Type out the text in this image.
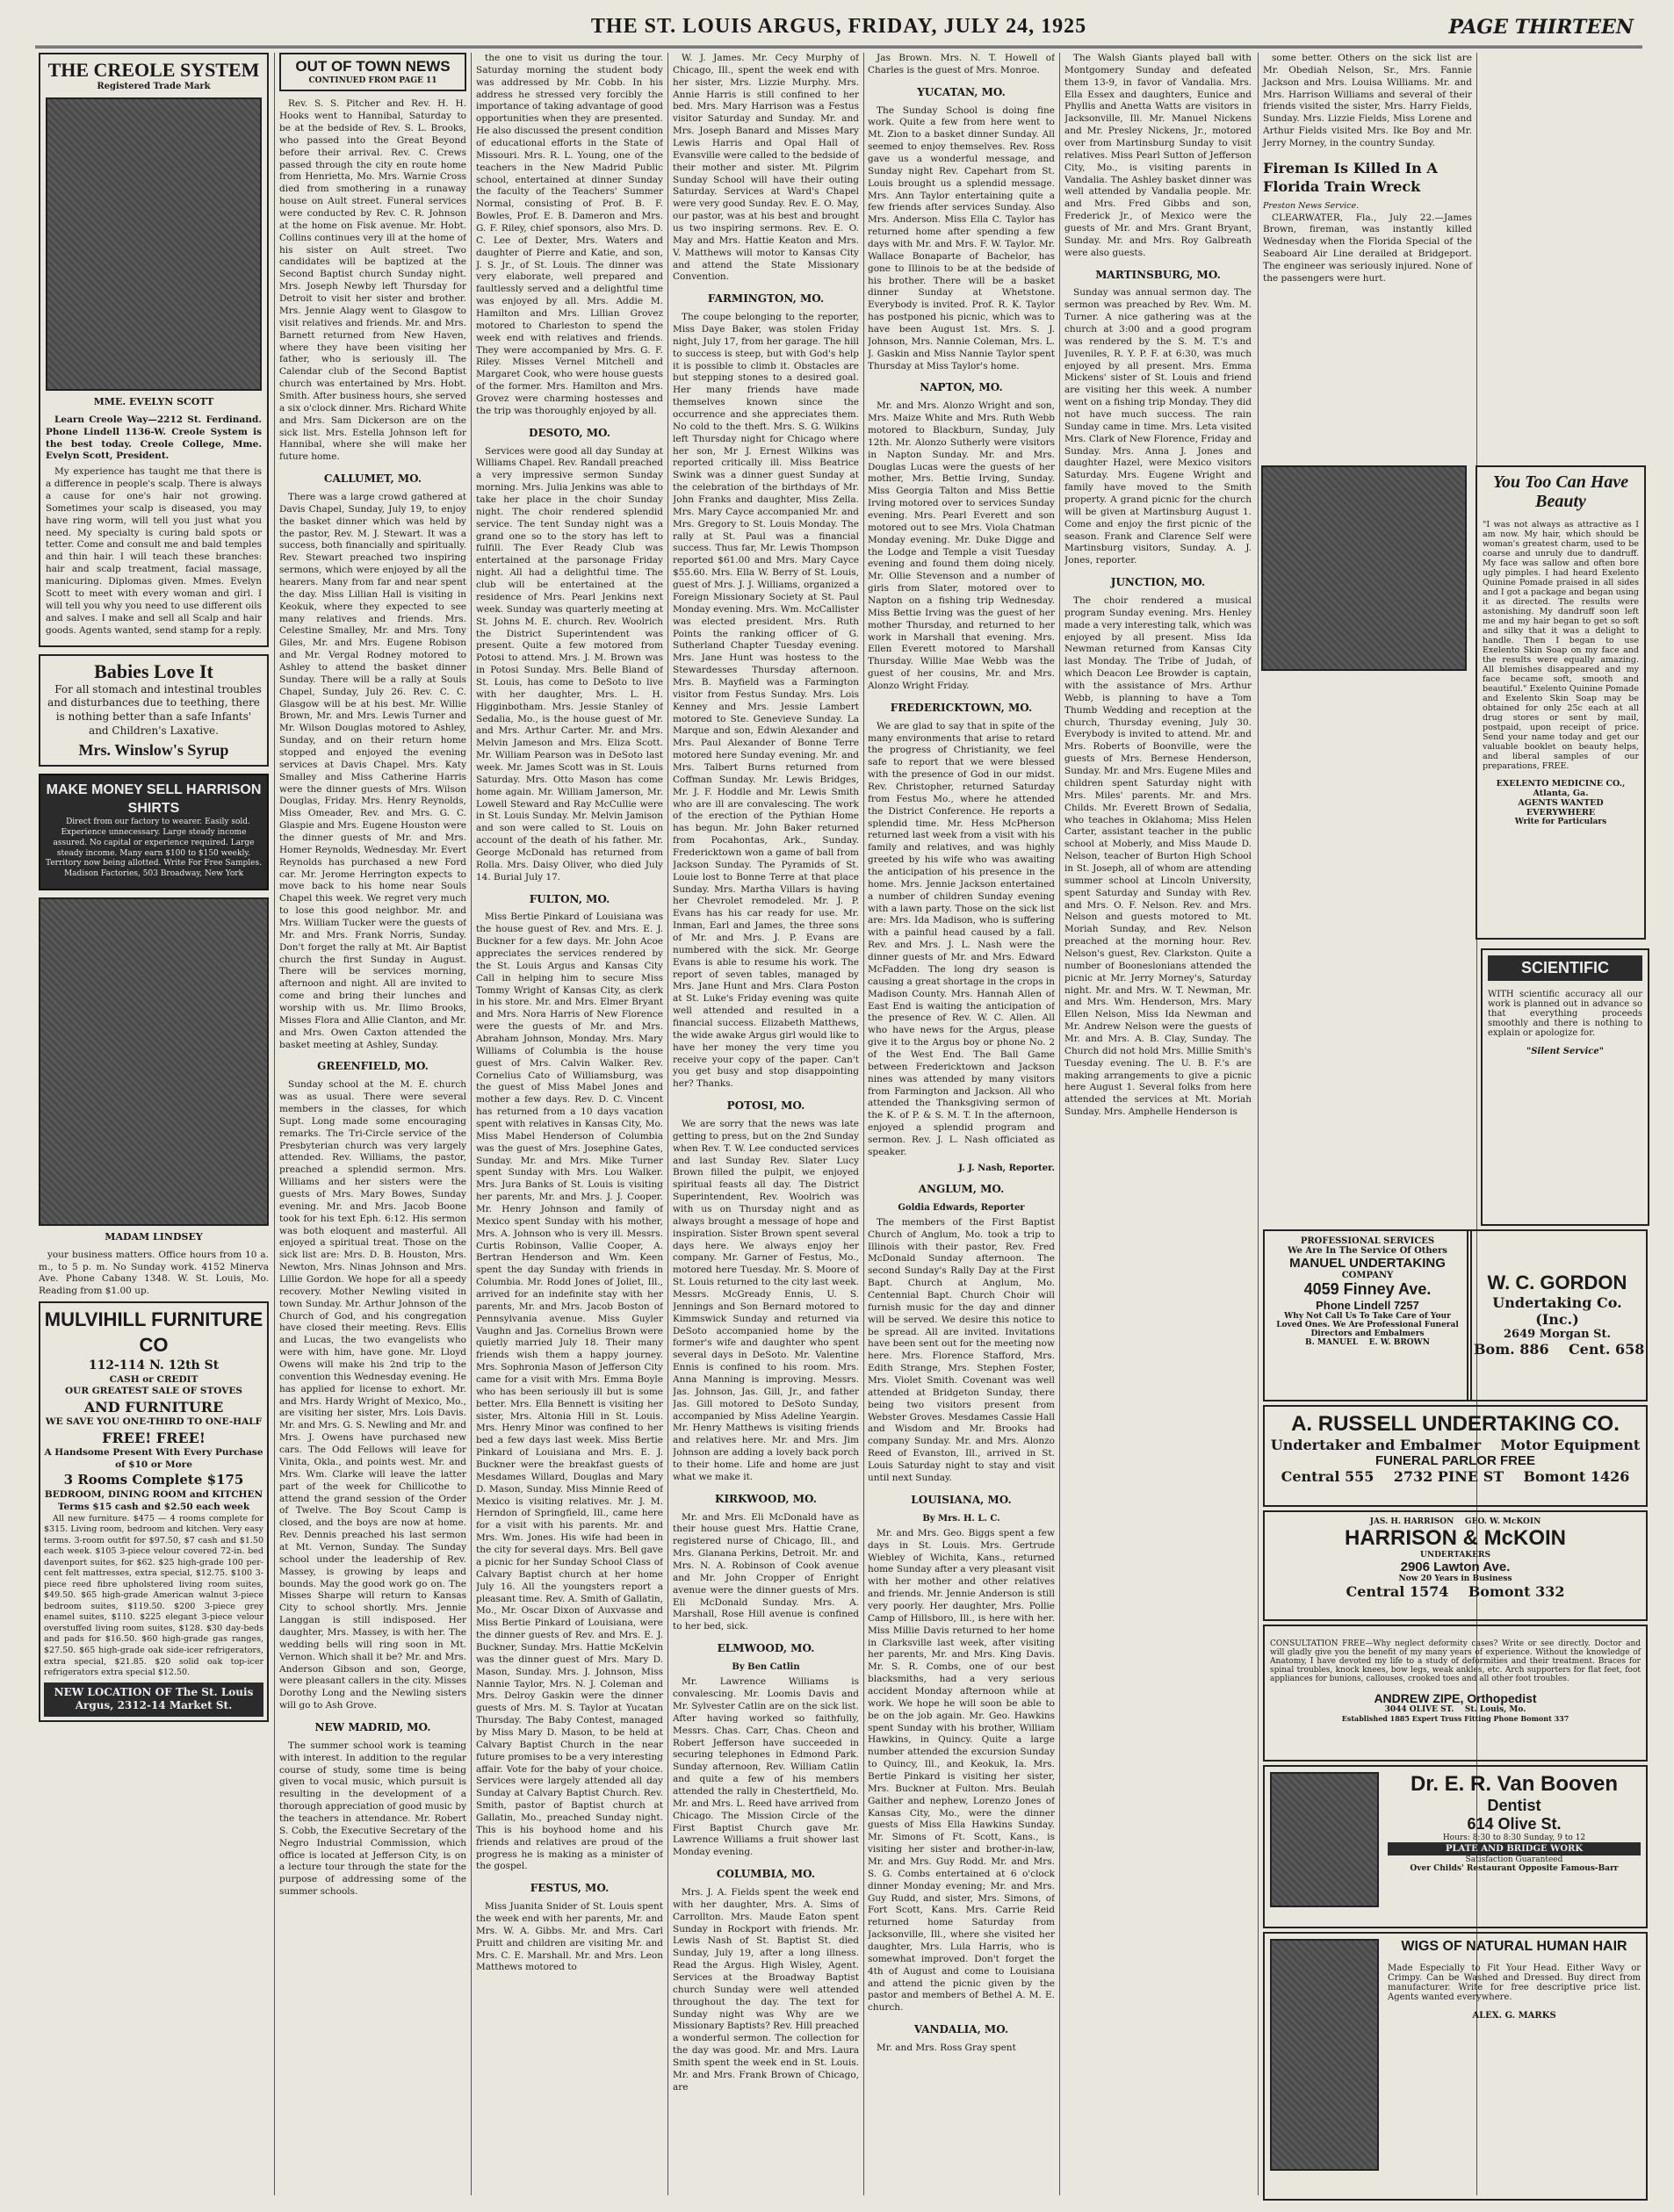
THE ST. LOUIS ARGUS, FRIDAY, JULY 24, 1925	PAGE THIRTEEN
THE CREOLE SYSTEM
Registered Trade Mark
MME. EVELYN SCOTT

Learn Creole Way—2212 St. Ferdinand. Phone Lindell 1136-W. Creole System is the best today. Creole College, Mme. Evelyn Scott, President.

My experience has taught me that there is a difference in people's scalp. There is always a cause for one's hair not growing. Sometimes your scalp is diseased, you may have ring worm, will tell you just what you need. My specialty is curing bald spots or tetter. Come and consult me and bald temples and thin hair. I will teach these branches: hair and scalp treatment, facial massage, manicuring. Diplomas given. Mmes. Evelyn Scott to meet with every woman and girl. I will tell you why you need to use different oils and salves. I make and sell all Scalp and hair goods. Agents wanted, send stamp for a reply.

Babies Love It

For all stomach and intestinal troubles and disturbances due to teething, there is nothing better than a safe Infants' and Children's Laxative.

Mrs. Winslow's Syrup
MAKE MONEY SELL HARRISON SHIRTS

Direct from our factory to wearer. Easily sold. Experience unnecessary. Large steady income assured. No capital or experience required. Large steady income. Many earn $100 to $150 weekly. Territory now being allotted. Write For Free Samples. Madison Factories, 503 Broadway, New York

MADAM LINDSEY

your business matters. Office hours from 10 a. m., to 5 p. m. No Sunday work. 4152 Minerva Ave. Phone Cabany 1348. W. St. Louis, Mo. Reading from $1.00 up.

MULVIHILL FURNITURE CO
112-114 N. 12th St
CASH or CREDIT
OUR GREATEST SALE OF STOVES
AND FURNITURE
WE SAVE YOU ONE-THIRD TO ONE-HALF
FREE! FREE!
A Handsome Present With Every Purchase of $10 or More
3 Rooms Complete $175
BEDROOM, DINING ROOM and KITCHEN
Terms $15 cash and $2.50 each week

All new furniture. $475 — 4 rooms complete for $315. Living room, bedroom and kitchen. Very easy terms. 3-room outfit for $97.50, $7 cash and $1.50 each week. $105 3-piece velour covered 72-in. bed davenport suites, for $62. $25 high-grade 100 per-cent felt mattresses, extra special, $12.75. $100 3-piece reed fibre upholstered living room suites, $49.50. $65 high-grade American walnut 3-piece bedroom suites, $119.50. $200 3-piece grey enamel suites, $110. $225 elegant 3-piece velour overstuffed living room suites, $128. $30 day-beds and pads for $16.50. $60 high-grade gas ranges, $27.50. $65 high-grade oak side-icer refrigerators, extra special, $21.85. $20 solid oak top-icer refrigerators extra special $12.50.

NEW LOCATION OF The St. Louis Argus, 2312-14 Market St.
OUT OF TOWN NEWS
CONTINUED FROM PAGE 11

Rev. S. S. Pitcher and Rev. H. H. Hooks went to Hannibal, Saturday to be at the bedside of Rev. S. L. Brooks, who passed into the Great Beyond before their arrival. Rev. C. Crews passed through the city en route home from Henrietta, Mo. Mrs. Warnie Cross died from smothering in a runaway house on Ault street. Funeral services were conducted by Rev. C. R. Johnson at the home on Fisk avenue. Mr. Hobt. Collins continues very ill at the home of his sister on Ault street. Two candidates will be baptized at the Second Baptist church Sunday night. Mrs. Joseph Newby left Thursday for Detroit to visit her sister and brother. Mrs. Jennie Alagy went to Glasgow to visit relatives and friends. Mr. and Mrs. Barnett returned from New Haven, where they have been visiting her father, who is seriously ill. The Calendar club of the Second Baptist church was entertained by Mrs. Hobt. Smith. After business hours, she served a six o'clock dinner. Mrs. Richard White and Mrs. Sam Dickerson are on the sick list. Mrs. Estella Johnson left for Hannibal, where she will make her future home.

CALLUMET, MO.

There was a large crowd gathered at Davis Chapel, Sunday, July 19, to enjoy the basket dinner which was held by the pastor, Rev. M. J. Stewart. It was a success, both financially and spiritually. Rev. Stewart preached two inspiring sermons, which were enjoyed by all the hearers. Many from far and near spent the day. Miss Lillian Hall is visiting in Keokuk, where they expected to see many relatives and friends. Mrs. Celestine Smalley, Mr. and Mrs. Tony Giles, Mr. and Mrs. Eugene Robison and Mr. Vergal Rodney motored to Ashley to attend the basket dinner Sunday. There will be a rally at Souls Chapel, Sunday, July 26. Rev. C. C. Glasgow will be at his best. Mr. Willie Brown, Mr. and Mrs. Lewis Turner and Mr. Wilson Douglas motored to Ashley, Sunday, and on their return home stopped and enjoyed the evening services at Davis Chapel. Mrs. Katy Smalley and Miss Catherine Harris were the dinner guests of Mrs. Wilson Douglas, Friday. Mrs. Henry Reynolds, Miss Omeader, Rev. and Mrs. G. C. Glaspie and Mrs. Eugene Houston were the dinner guests of Mr. and Mrs. Homer Reynolds, Wednesday. Mr. Evert Reynolds has purchased a new Ford car. Mr. Jerome Herrington expects to move back to his home near Souls Chapel this week. We regret very much to lose this good neighbor. Mr. and Mrs. William Tucker were the guests of Mr. and Mrs. Frank Norris, Sunday. Don't forget the rally at Mt. Air Baptist church the first Sunday in August. There will be services morning, afternoon and night. All are invited to come and bring their lunches and worship with us. Mr. Ilimo Brooks, Misses Flora and Allie Clanton, and Mr. and Mrs. Owen Caxton attended the basket meeting at Ashley, Sunday.

GREENFIELD, MO.

Sunday school at the M. E. church was as usual. There were several members in the classes, for which Supt. Long made some encouraging remarks. The Tri-Circle service of the Presbyterian church was very largely attended. Rev. Williams, the pastor, preached a splendid sermon. Mrs. Williams and her sisters were the guests of Mrs. Mary Bowes, Sunday evening. Mr. and Mrs. Jacob Boone took for his text Eph. 6:12. His sermon was both eloquent and masterful. All enjoyed a spiritual treat. Those on the sick list are: Mrs. D. B. Houston, Mrs. Newton, Mrs. Ninas Johnson and Mrs. Lillie Gordon. We hope for all a speedy recovery. Mother Newling visited in town Sunday. Mr. Arthur Johnson of the Church of God, and his congregation have closed their meeting. Revs. Ellis and Lucas, the two evangelists who were with him, have gone. Mr. Lloyd Owens will make his 2nd trip to the convention this Wednesday evening. He has applied for license to exhort. Mr. and Mrs. Hardy Wright of Mexico, Mo., are visiting her sister, Mrs. Lois Davis. Mr. and Mrs. G. S. Newling and Mr. and Mrs. J. Owens have purchased new cars. The Odd Fellows will leave for Vinita, Okla., and points west. Mr. and Mrs. Wm. Clarke will leave the latter part of the week for Chillicothe to attend the grand session of the Order of Twelve. The Boy Scout Camp is closed, and the boys are now at home. Rev. Dennis preached his last sermon at Mt. Vernon, Sunday. The Sunday school under the leadership of Rev. Massey, is growing by leaps and bounds. May the good work go on. The Misses Sharpe will return to Kansas City to school shortly. Mrs. Jennie Langgan is still indisposed. Her daughter, Mrs. Massey, is with her. The wedding bells will ring soon in Mt. Vernon. Which shall it be? Mr. and Mrs. Anderson Gibson and son, George, were pleasant callers in the city. Misses Dorothy Long and the Newling sisters will go to Ash Grove.

NEW MADRID, MO.

The summer school work is teaming with interest. In addition to the regular course of study, some time is being given to vocal music, which pursuit is resulting in the development of a thorough appreciation of good music by the teachers in attendance. Mr. Robert S. Cobb, the Executive Secretary of the Negro Industrial Commission, which office is located at Jefferson City, is on a lecture tour through the state for the purpose of addressing some of the summer schools.

the one to visit us during the tour. Saturday morning the student body was addressed by Mr. Cobb. In his address he stressed very forcibly the importance of taking advantage of good opportunities when they are presented. He also discussed the present condition of educational efforts in the State of Missouri. Mrs. R. L. Young, one of the teachers in the New Madrid Public school, entertained at dinner Sunday the faculty of the Teachers' Summer Normal, consisting of Prof. B. F. Bowles, Prof. E. B. Dameron and Mrs. G. F. Riley, chief sponsors, also Mrs. D. C. Lee of Dexter, Mrs. Waters and daughter of Pierre and Katie, and son, J. S. Jr., of St. Louis. The dinner was very elaborate, well prepared and faultlessly served and a delightful time was enjoyed by all. Mrs. Addie M. Hamilton and Mrs. Lillian Grovez motored to Charleston to spend the week end with relatives and friends. They were accompanied by Mrs. G. F. Riley. Misses Vernel Mitchell and Margaret Cook, who were house guests of the former. Mrs. Hamilton and Mrs. Grovez were charming hostesses and the trip was thoroughly enjoyed by all.

DESOTO, MO.

Services were good all day Sunday at Williams Chapel. Rev. Randall preached a very impressive sermon Sunday morning. Mrs. Julia Jenkins was able to take her place in the choir Sunday night. The choir rendered splendid service. The tent Sunday night was a grand one so to the story has left to fulfill. The Ever Ready Club was entertained at the parsonage Friday night. All had a delightful time. The club will be entertained at the residence of Mrs. Pearl Jenkins next week. Sunday was quarterly meeting at St. Johns M. E. church. Rev. Woolrich the District Superintendent was present. Quite a few motored from Potosi to attend. Mrs. J. M. Brown was in Potosi Sunday. Mrs. Belle Bland of St. Louis, has come to DeSoto to live with her daughter, Mrs. L. H. Higginbotham. Mrs. Jessie Stanley of Sedalia, Mo., is the house guest of Mr. and Mrs. Arthur Carter. Mr. and Mrs. Melvin Jameson and Mrs. Eliza Scott. Mr. William Pearson was in DeSoto last week. Mr. James Scott was in St. Louis Saturday. Mrs. Otto Mason has come home again. Mr. William Jamerson, Mr. Lowell Steward and Ray McCullie were in St. Louis Sunday. Mr. Melvin Jamison and son were called to St. Louis on account of the death of his father. Mr. George McDonald has returned from Rolla. Mrs. Daisy Oliver, who died July 14. Burial July 17.

FULTON, MO.

Miss Bertie Pinkard of Louisiana was the house guest of Rev. and Mrs. E. J. Buckner for a few days. Mr. John Acoe appreciates the services rendered by the St. Louis Argus and Kansas City Call in helping him to secure Miss Tommy Wright of Kansas City, as clerk in his store. Mr. and Mrs. Elmer Bryant and Mrs. Nora Harris of New Florence were the guests of Mr. and Mrs. Abraham Johnson, Monday. Mrs. Mary Williams of Columbia is the house guest of Mrs. Calvin Walker. Rev. Cornelius Cato of Williamsburg, was the guest of Miss Mabel Jones and mother a few days. Rev. D. C. Vincent has returned from a 10 days vacation spent with relatives in Kansas City, Mo. Miss Mabel Henderson of Columbia was the guest of Mrs. Josephine Gates, Sunday. Mr. and Mrs. Mike Turner spent Sunday with Mrs. Lou Walker. Mrs. Jura Banks of St. Louis is visiting her parents, Mr. and Mrs. J. J. Cooper. Mr. Henry Johnson and family of Mexico spent Sunday with his mother, Mrs. A. Johnson who is very ill. Messrs. Curtis Robinson, Vallie Cooper, A. Bertran Henderson and Wm. Keen spent the day Sunday with friends in Columbia. Mr. Rodd Jones of Joliet, Ill., arrived for an indefinite stay with her parents, Mr. and Mrs. Jacob Boston of Pennsylvania avenue. Miss Guyler Vaughn and Jas. Cornelius Brown were quietly married July 18. Their many friends wish them a happy journey. Mrs. Sophronia Mason of Jefferson City came for a visit with Mrs. Emma Boyle who has been seriously ill but is some better. Mrs. Ella Bennett is visiting her sister, Mrs. Altonia Hill in St. Louis. Mrs. Henry Minor was confined to her bed a few days last week. Miss Bertie Pinkard of Louisiana and Mrs. E. J. Buckner were the breakfast guests of Mesdames Willard, Douglas and Mary D. Mason, Sunday. Miss Minnie Reed of Mexico is visiting relatives. Mr. J. M. Herndon of Springfield, Ill., came here for a visit with his parents. Mr. and Mrs. Wm. Jones. His wife had been in the city for several days. Mrs. Bell gave a picnic for her Sunday School Class of Calvary Baptist church at her home July 16. All the youngsters report a pleasant time. Rev. A. Smith of Gallatin, Mo., Mr. Oscar Dixon of Auxvasse and Miss Bertie Pinkard of Louisiana, were the dinner guests of Rev. and Mrs. E. J. Buckner, Sunday. Mrs. Hattie McKelvin was the dinner guest of Mrs. Mary D. Mason, Sunday. Mrs. J. Johnson, Miss Nannie Taylor, Mrs. N. J. Coleman and Mrs. Delroy Gaskin were the dinner guests of Mrs. M. S. Taylor at Yucatan Thursday. The Baby Contest, managed by Miss Mary D. Mason, to be held at Calvary Baptist Church in the near future promises to be a very interesting affair. Vote for the baby of your choice. Services were largely attended all day Sunday at Calvary Baptist Church. Rev. Smith, pastor of Baptist church at Gallatin, Mo., preached Sunday night. This is his boyhood home and his friends and relatives are proud of the progress he is making as a minister of the gospel.

FESTUS, MO.

Miss Juanita Snider of St. Louis spent the week end with her parents, Mr. and Mrs. W. A. Gibbs. Mr. and Mrs. Carl Pruitt and children are visiting Mr. and Mrs. C. E. Marshall. Mr. and Mrs. Leon Matthews motored to

W. J. James. Mr. Cecy Murphy of Chicago, Ill., spent the week end with her sister, Mrs. Lizzie Murphy. Mrs. Annie Harris is still confined to her bed. Mrs. Mary Harrison was a Festus visitor Saturday and Sunday. Mr. and Mrs. Joseph Banard and Misses Mary Lewis Harris and Opal Hall of Evansville were called to the bedside of their mother and sister. Mt. Pilgrim Sunday School will have their outing Saturday. Services at Ward's Chapel were very good Sunday. Rev. E. O. May, our pastor, was at his best and brought us two inspiring sermons. Rev. E. O. May and Mrs. Hattie Keaton and Mrs. V. Matthews will motor to Kansas City and attend the State Missionary Convention.

FARMINGTON, MO.

The coupe belonging to the reporter, Miss Daye Baker, was stolen Friday night, July 17, from her garage. The hill to success is steep, but with God's help it is possible to climb it. Obstacles are but stepping stones to a desired goal. Her many friends have made themselves known since the occurrence and she appreciates them. No cold to the theft. Mrs. S. G. Wilkins left Thursday night for Chicago where her son, Mr J. Ernest Wilkins was reported critically ill. Miss Beatrice Swink was a dinner guest Sunday at the celebration of the birthdays of Mr. John Franks and daughter, Miss Zella. Mrs. Mary Cayce accompanied Mr. and Mrs. Gregory to St. Louis Monday. The rally at St. Paul was a financial success. Thus far, Mr. Lewis Thompson reported $61.00 and Mrs. Mary Cayce $55.60. Mrs. Ella W. Berry of St. Louis, guest of Mrs. J. J. Williams, organized a Foreign Missionary Society at St. Paul Monday evening. Mrs. Wm. McCallister was elected president. Mrs. Ruth Points the ranking officer of G. Sutherland Chapter Tuesday evening. Mrs. Jane Hunt was hostess to the Stewardesses Thursday afternoon. Mrs. B. Mayfield was a Farmington visitor from Festus Sunday. Mrs. Lois Kenney and Mrs. Jessie Lambert motored to Ste. Genevieve Sunday. La Marque and son, Edwin Alexander and Mrs. Paul Alexander of Bonne Terre motored here Sunday evening. Mr. and Mrs. Talbert Burns returned from Coffman Sunday. Mr. Lewis Bridges, Mr. J. F. Hoddle and Mr. Lewis Smith who are ill are convalescing. The work of the erection of the Pythian Home has begun. Mr. John Baker returned from Pocahontas, Ark., Sunday. Fredericktown won a game of ball from Jackson Sunday. The Pyramids of St. Louie lost to Bonne Terre at that place Sunday. Mrs. Martha Villars is having her Chevrolet remodeled. Mr. J. P. Evans has his car ready for use. Mr. Inman, Earl and James, the three sons of Mr. and Mrs. J. P. Evans are numbered with the sick. Mr. George Evans is able to resume his work. The report of seven tables, managed by Mrs. Jane Hunt and Mrs. Clara Poston at St. Luke's Friday evening was quite well attended and resulted in a financial success. Elizabeth Matthews, the wide awake Argus girl would like to have her money the very time you receive your copy of the paper. Can't you get busy and stop disappointing her? Thanks.

POTOSI, MO.

We are sorry that the news was late getting to press, but on the 2nd Sunday when Rev. T. W. Lee conducted services and last Sunday Rev. Slater Lucy Brown filled the pulpit, we enjoyed spiritual feasts all day. The District Superintendent, Rev. Woolrich was with us on Thursday night and as always brought a message of hope and inspiration. Sister Brown spent several days here. We always enjoy her company. Mr. Garner of Festus, Mo., motored here Tuesday. Mr. S. Moore of St. Louis returned to the city last week. Messrs. McGready Ennis, U. S. Jennings and Son Bernard motored to Kimmswick Sunday and returned via DeSoto accompanied home by the former's wife and daughter who spent several days in DeSoto. Mr. Valentine Ennis is confined to his room. Mrs. Anna Manning is improving. Messrs. Jas. Johnson, Jas. Gill, Jr., and father Jas. Gill motored to DeSoto Sunday, accompanied by Miss Adeline Yeargin. Mr. Henry Matthews is visiting friends and relatives here. Mr. and Mrs. Jim Johnson are adding a lovely back porch to their home. Life and home are just what we make it.

KIRKWOOD, MO.

Mr. and Mrs. Eli McDonald have as their house guest Mrs. Hattie Crane, registered nurse of Chicago, Ill., and Mrs. Glanana Perkins, Detroit. Mr. and Mrs. N. A. Robinson of Cook avenue and Mr. John Cropper of Enright avenue were the dinner guests of Mrs. Eli McDonald Sunday. Mrs. A. Marshall, Rose Hill avenue is confined to her bed, sick.

ELMWOOD, MO.
By Ben Catlin

Mr. Lawrence Williams is convalescing. Mr. Loomis Davis and Mr. Sylvester Catlin are on the sick list. After having worked so faithfully, Messrs. Chas. Carr, Chas. Cheon and Robert Jefferson have succeeded in securing telephones in Edmond Park. Sunday afternoon, Rev. William Catlin and quite a few of his members attended the rally in Chestertfield, Mo. Mr. and Mrs. L. Reed have arrived from Chicago. The Mission Circle of the First Baptist Church gave Mr. Lawrence Williams a fruit shower last Monday evening.

COLUMBIA, MO.

Mrs. J. A. Fields spent the week end with her daughter, Mrs. A. Sims of Carrollton. Mrs. Maude Eaton spent Sunday in Rockport with friends. Mr. Lewis Nash of St. Baptist St. died Sunday, July 19, after a long illness. Read the Argus. High Wisley, Agent. Services at the Broadway Baptist church Sunday were well attended throughout the day. The text for Sunday night was Why are we Missionary Baptists? Rev. Hill preached a wonderful sermon. The collection for the day was good. Mr. and Mrs. Laura Smith spent the week end in St. Louis. Mr. and Mrs. Frank Brown of Chicago, are

Jas Brown. Mrs. N. T. Howell of Charles is the guest of Mrs. Monroe.

YUCATAN, MO.

The Sunday School is doing fine work. Quite a few from here went to Mt. Zion to a basket dinner Sunday. All seemed to enjoy themselves. Rev. Ross gave us a wonderful message, and Sunday night Rev. Capehart from St. Louis brought us a splendid message. Mrs. Ann Taylor entertaining quite a few friends after services Sunday. Also Mrs. Anderson. Miss Ella C. Taylor has returned home after spending a few days with Mr. and Mrs. F. W. Taylor. Mr. Wallace Bonaparte of Bachelor, has gone to Illinois to be at the bedside of his brother. There will be a basket dinner Sunday at Whetstone. Everybody is invited. Prof. R. K. Taylor has postponed his picnic, which was to have been August 1st. Mrs. S. J. Johnson, Mrs. Nannie Coleman, Mrs. L. J. Gaskin and Miss Nannie Taylor spent Thursday at Miss Taylor's home.

NAPTON, MO.

Mr. and Mrs. Alonzo Wright and son, Mrs. Maize White and Mrs. Ruth Webb motored to Blackburn, Sunday, July 12th. Mr. Alonzo Sutherly were visitors in Napton Sunday. Mr. and Mrs. Douglas Lucas were the guests of her mother, Mrs. Bettie Irving, Sunday. Miss Georgia Talton and Miss Bettie Irving motored over to services Sunday evening. Mrs. Pearl Everett and son motored out to see Mrs. Viola Chatman Monday evening. Mr. Duke Digge and the Lodge and Temple a visit Tuesday evening and found them doing nicely. Mr. Ollie Stevenson and a number of girls from Slater, motored over to Napton on a fishing trip Wednesday. Miss Bettie Irving was the guest of her mother Thursday, and returned to her work in Marshall that evening. Mrs. Ellen Everett motored to Marshall Thursday. Willie Mae Webb was the guest of her cousins, Mr. and Mrs. Alonzo Wright Friday.

FREDERICKTOWN, MO.

We are glad to say that in spite of the many environments that arise to retard the progress of Christianity, we feel safe to report that we were blessed with the presence of God in our midst. Rev. Christopher, returned Saturday from Festus Mo., where he attended the District Conference. He reports a splendid time. Mr. Hess McPherson returned last week from a visit with his family and relatives, and was highly greeted by his wife who was awaiting the anticipation of his presence in the home. Mrs. Jennie Jackson entertained a number of children Sunday evening with a lawn party. Those on the sick list are: Mrs. Ida Madison, who is suffering with a painful head caused by a fall. Rev. and Mrs. J. L. Nash were the dinner guests of Mr. and Mrs. Edward McFadden. The long dry season is causing a great shortage in the crops in Madison County. Mrs. Hannah Allen of East End is waiting the anticipation of the presence of Rev. W. C. Allen. All who have news for the Argus, please give it to the Argus boy or phone No. 2 of the West End. The Ball Game between Fredericktown and Jackson nines was attended by many visitors from Farmington and Jackson. All who attended the Thanksgiving sermon of the K. of P. & S. M. T. In the afternoon, enjoyed a splendid program and sermon. Rev. J. L. Nash officiated as speaker.

J. J. Nash, Reporter.
ANGLUM, MO.
Goldia Edwards, Reporter

The members of the First Baptist Church of Anglum, Mo. took a trip to Illinois with their pastor, Rev. Fred McDonald Sunday afternoon. The second Sunday's Rally Day at the First Bapt. Church at Anglum, Mo. Centennial Bapt. Church Choir will furnish music for the day and dinner will be served. We desire this notice to be spread. All are invited. Invitations have been sent out for the meeting now here. Mrs. Florence Stafford, Mrs. Edith Strange, Mrs. Stephen Foster, Mrs. Violet Smith. Covenant was well attended at Bridgeton Sunday, there being two visitors present from Webster Groves. Mesdames Cassie Hall and Wisdom and Mr. Brooks had company Sunday. Mr. and Mrs. Alonzo Reed of Evanston, Ill., arrived in St. Louis Saturday night to stay and visit until next Sunday.

LOUISIANA, MO.
By Mrs. H. L. C.

Mr. and Mrs. Geo. Biggs spent a few days in St. Louis. Mrs. Gertrude Wiebley of Wichita, Kans., returned home Sunday after a very pleasant visit with her mother and other relatives and friends. Mr. Jennie Anderson is still very poorly. Her daughter, Mrs. Pollie Camp of Hillsboro, Ill., is here with her. Miss Millie Davis returned to her home in Clarksville last week, after visiting her parents, Mr. and Mrs. King Davis. Mr. S. R. Combs, one of our best blacksmiths, had a very serious accident Monday afternoon while at work. We hope he will soon be able to be on the job again. Mr. Geo. Hawkins spent Sunday with his brother, William Hawkins, in Quincy. Quite a large number attended the excursion Sunday to Quincy, Ill., and Keokuk, Ia. Mrs. Bertie Pinkard is visiting her sister, Mrs. Buckner at Fulton. Mrs. Beulah Gaither and nephew, Lorenzo Jones of Kansas City, Mo., were the dinner guests of Miss Ella Hawkins Sunday. Mr. Simons of Ft. Scott, Kans., is visiting her sister and brother-in-law, Mr. and Mrs. Guy Rodd. Mr. and Mrs. S. G. Combs entertained at 6 o'clock dinner Monday evening; Mr. and Mrs. Guy Rudd, and sister, Mrs. Simons, of Fort Scott, Kans. Mrs. Carrie Reid returned home Saturday from Jacksonville, Ill., where she visited her daughter, Mrs. Lula Harris, who is somewhat improved. Don't forget the 4th of August and come to Louisiana and attend the picnic given by the pastor and members of Bethel A. M. E. church.

VANDALIA, MO.

Mr. and Mrs. Ross Gray spent

The Walsh Giants played ball with Montgomery Sunday and defeated them 13-9, in favor of Vandalia. Mrs. Ella Essex and daughters, Eunice and Phyllis and Anetta Watts are visitors in Jacksonville, Ill. Mr. Manuel Nickens and Mr. Presley Nickens, Jr., motored over from Martinsburg Sunday to visit relatives. Miss Pearl Sutton of Jefferson City, Mo., is visiting parents in Vandalia. The Ashley basket dinner was well attended by Vandalia people. Mr. and Mrs. Fred Gibbs and son, Frederick Jr., of Mexico were the guests of Mr. and Mrs. Grant Bryant, Sunday. Mr. and Mrs. Roy Galbreath were also guests.

MARTINSBURG, MO.

Sunday was annual sermon day. The sermon was preached by Rev. Wm. M. Turner. A nice gathering was at the church at 3:00 and a good program was rendered by the S. M. T.'s and Juveniles, R. Y. P. F. at 6:30, was much enjoyed by all present. Mrs. Emma Mickens' sister of St. Louis and friend are visiting her this week. A number went on a fishing trip Monday. They did not have much success. The rain Sunday came in time. Mrs. Leta visited Mrs. Clark of New Florence, Friday and Sunday. Mrs. Anna J. Jones and daughter Hazel, were Mexico visitors Saturday. Mrs. Eugene Wright and family have moved to the Smith property. A grand picnic for the church will be given at Martinsburg August 1. Come and enjoy the first picnic of the season. Frank and Clarence Self were Martinsburg visitors, Sunday. A. J. Jones, reporter.

JUNCTION, MO.

The choir rendered a musical program Sunday evening. Mrs. Henley made a very interesting talk, which was enjoyed by all present. Miss Ida Newman returned from Kansas City last Monday. The Tribe of Judah, of which Deacon Lee Browder is captain, with the assistance of Mrs. Arthur Webb, is planning to have a Tom Thumb Wedding and reception at the church, Thursday evening, July 30. Everybody is invited to attend. Mr. and Mrs. Roberts of Boonville, were the guests of Mrs. Bernese Henderson, Sunday. Mr. and Mrs. Eugene Miles and children spent Saturday night with Mrs. Miles' parents. Mr. and Mrs. Childs. Mr. Everett Brown of Sedalia, who teaches in Oklahoma; Miss Helen Carter, assistant teacher in the public school at Moberly, and Miss Maude D. Nelson, teacher of Burton High School in St. Joseph, all of whom are attending summer school at Lincoln University, spent Saturday and Sunday with Rev. and Mrs. O. F. Nelson. Rev. and Mrs. Nelson and guests motored to Mt. Moriah Sunday, and Rev. Nelson preached at the morning hour. Rev. Nelson's guest, Rev. Clarkston. Quite a number of Booneslonians attended the picnic at Mr. Jerry Morney's, Saturday night. Mr. and Mrs. W. T. Newman, Mr. and Mrs. Wm. Henderson, Mrs. Mary Ellen Nelson, Miss Ida Newman and Mr. Andrew Nelson were the guests of Mr. and Mrs. A. B. Clay, Sunday. The Church did not hold Mrs. Millie Smith's Tuesday evening. The U. B. F.'s are making arrangements to give a picnic here August 1. Several folks from here attended the services at Mt. Moriah Sunday. Mrs. Amphelle Henderson is

some better. Others on the sick list are Mr. Obediah Nelson, Sr., Mrs. Fannie Jackson and Mrs. Louisa Williams. Mr. and Mrs. Harrison Williams and several of their friends visited the sister, Mrs. Harry Fields, Sunday. Mrs. Lizzie Fields, Miss Lorene and Arthur Fields visited Mrs. Ike Boy and Mr. Jerry Morney, in the country Sunday.

Fireman Is Killed In A Florida Train Wreck
Preston News Service.

CLEARWATER, Fla., July 22.—James Brown, fireman, was instantly killed Wednesday when the Florida Special of the Seaboard Air Line derailed at Bridgeport. The engineer was seriously injured. None of the passengers were hurt.

You Too Can Have Beauty

"I was not always as attractive as I am now. My hair, which should be woman's greatest charm, used to be coarse and unruly due to dandruff. My face was sallow and often bore ugly pimples. I had heard Exelento Quinine Pomade praised in all sides and I got a package and began using it as directed. The results were astonishing. My dandruff soon left me and my hair began to get so soft and silky that it was a delight to handle. Then I began to use Exelento Skin Soap on my face and the results were equally amazing. All blemishes disappeared and my face became soft, smooth and beautiful." Exelento Quinine Pomade and Exelento Skin Soap may be obtained for only 25c each at all drug stores or sent by mail, postpaid, upon receipt of price. Send your name today and get our valuable booklet on beauty helps, and liberal samples of our preparations, FREE.

EXELENTO MEDICINE CO., Atlanta, Ga.
AGENTS WANTED EVERYWHERE
Write for Particulars
SCIENTIFIC

WITH scientific accuracy all our work is planned out in advance so that everything proceeds smoothly and there is nothing to explain or apologize for.

"Silent Service"
PROFESSIONAL SERVICES
We Are In The Service Of Others
MANUEL UNDERTAKING
COMPANY
4059 Finney Ave.
Phone Lindell 7257
Why Not Call Us To Take Care of Your Loved Ones. We Are Professional Funeral Directors and Embalmers
B. MANUEL    E. W. BROWN
W. C. GORDON
Undertaking Co. (Inc.)
2649 Morgan St.
Bom. 886    Cent. 658
A. RUSSELL UNDERTAKING CO.
Undertaker and Embalmer    Motor Equipment
FUNERAL PARLOR FREE
Central 555    2732 PINE ST    Bomont 1426
JAS. H. HARRISON    GEO. W. McKOIN
HARRISON & McKOIN
UNDERTAKERS
2906 Lawton Ave.
Now 20 Years in Business
Central 1574    Bomont 332

CONSULTATION FREE—Why neglect deformity cases? Write or see directly. Doctor and will gladly give you the benefit of my many years of experience. Without the knowledge of Anatomy, I have devoted my life to a study of deformities and their treatment. Braces for spinal troubles, knock knees, bow legs, weak ankles, etc. Arch supporters for flat feet, foot appliances for bunions, callouses, crooked toes and all other foot troubles.

ANDREW ZIPE, Orthopedist
3044 OLIVE ST.    St. Louis, Mo.
Established 1885 Expert Truss Fitting Phone Bomont 337
Dr. E. R. Van Booven
Dentist
614 Olive St.
Hours: 8:30 to 8:30 Sunday, 9 to 12
PLATE AND BRIDGE WORK
Satisfaction Guaranteed
Over Childs' Restaurant Opposite Famous-Barr
WIGS OF NATURAL HUMAN HAIR

Made Especially to Fit Your Head. Either Wavy or Crimpy. Can be Washed and Dressed. Buy direct from manufacturer. Write for free descriptive price list. Agents wanted everywhere.

ALEX. G. MARKS
